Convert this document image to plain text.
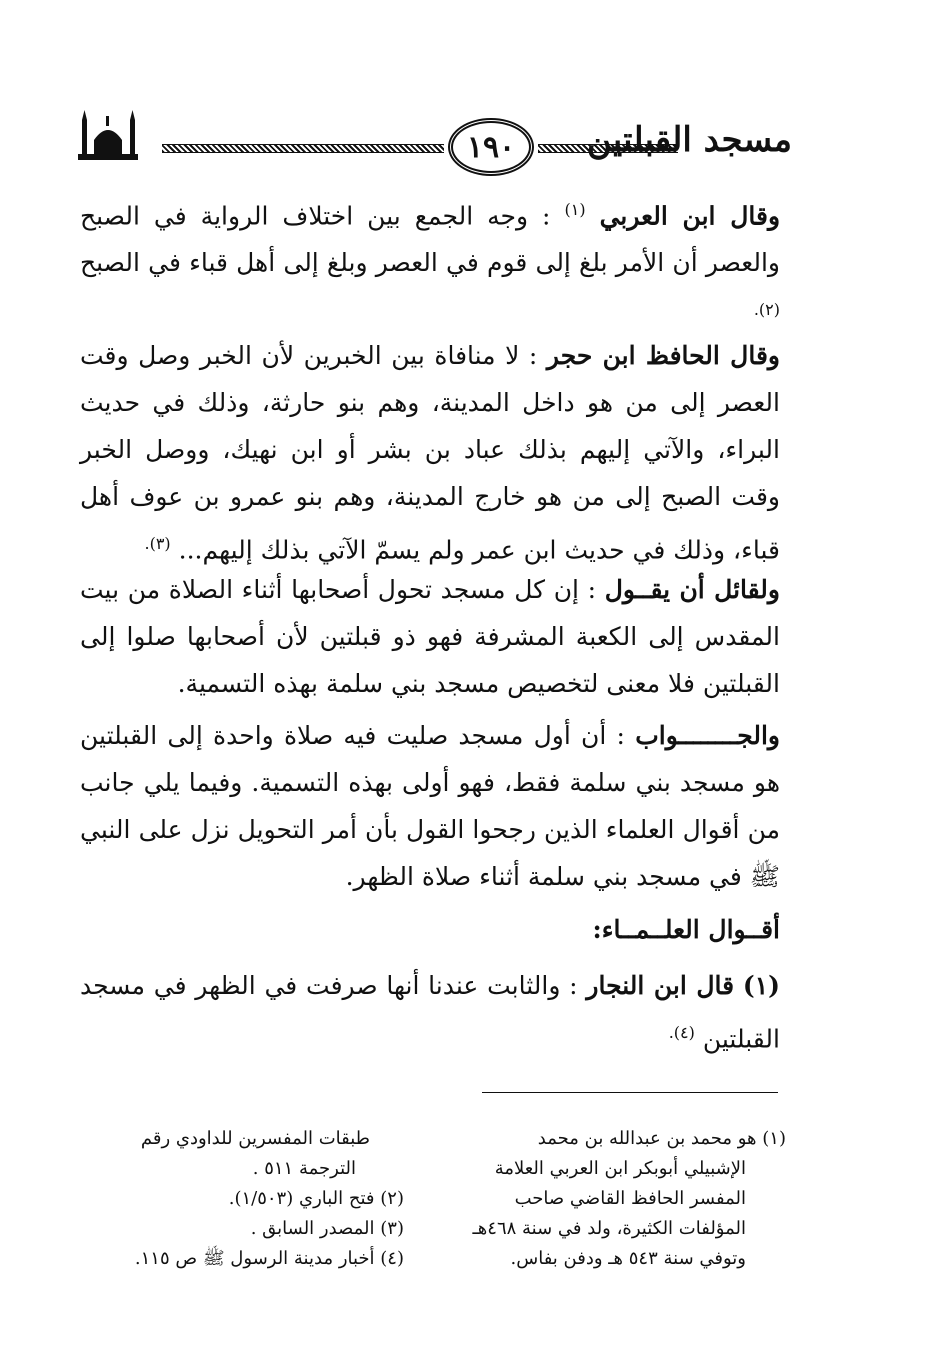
١٩٠	مسجد القبلتين
وقال ابن العربي $^{(١)}$ : وجه الجمع بين اختلاف الرواية في الصبح والعصر أن الأمر بلغ إلى قوم في العصر وبلغ إلى أهل قباء في الصبح $^{(٢).}$
وقال الحافظ ابن حجر : لا منافاة بين الخبرين لأن الخبر وصل وقت العصر إلى من هو داخل المدينة، وهم بنو حارثة، وذلك في حديث البراء، والآتي إليهم بذلك عباد بن بشر أو ابن نهيك، ووصل الخبر وقت الصبح إلى من هو خارج المدينة، وهم بنو عمرو بن عوف أهل قباء، وذلك في حديث ابن عمر ولم يسمّ الآتي بذلك إليهم... $^{(٣).}$
ولقائل أن يقــول : إن كل مسجد تحول أصحابها أثناء الصلاة من بيت المقدس إلى الكعبة المشرفة فهو ذو قبلتين لأن أصحابها صلوا إلى القبلتين فلا معنى لتخصيص مسجد بني سلمة بهذه التسمية.
والجــــــــواب : أن أول مسجد صليت فيه صلاة واحدة إلى القبلتين هو مسجد بني سلمة فقط، فهو أولى بهذه التسمية. وفيما يلي جانب من أقوال العلماء الذين رجحوا القول بأن أمر التحويل نزل على النبي ﷺ في مسجد بني سلمة أثناء صلاة الظهر.
أقــوال العلــمــاء:
(١) قال ابن النجار : والثابت عندنا أنها صرفت في الظهر في مسجد القبلتين $^{(٤).}$
(١) هو محمد بن عبدالله بن محمد
الإشبيلي أبوبكر ابن العربي العلامة
المفسر الحافظ القاضي صاحب
المؤلفات الكثيرة، ولد في سنة ٤٦٨هـ
وتوفي سنة ٥٤٣ هـ ودفن بفاس.
طبقات المفسرين للداودي رقم
الترجمة ٥١١ .
(٢) فتح الباري (١/٥٠٣).
(٣) المصدر السابق .
(٤) أخبار مدينة الرسول ﷺ ص ١١٥.
